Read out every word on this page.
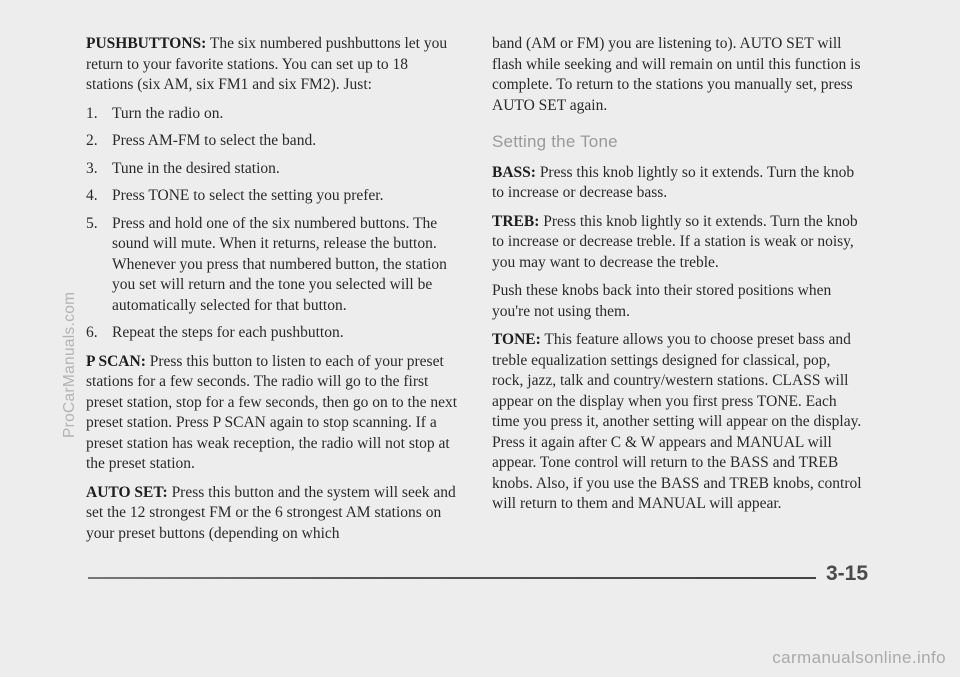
PUSHBUTTONS: The six numbered pushbuttons let you return to your favorite stations. You can set up to 18 stations (six AM, six FM1 and six FM2). Just:

1. Turn the radio on.
2. Press AM-FM to select the band.
3. Tune in the desired station.
4. Press TONE to select the setting you prefer.
5. Press and hold one of the six numbered buttons. The sound will mute. When it returns, release the button. Whenever you press that numbered button, the station you set will return and the tone you selected will be automatically selected for that button.
6. Repeat the steps for each pushbutton.

P SCAN: Press this button to listen to each of your preset stations for a few seconds. The radio will go to the first preset station, stop for a few seconds, then go on to the next preset station. Press P SCAN again to stop scanning. If a preset station has weak reception, the radio will not stop at the preset station.

AUTO SET: Press this button and the system will seek and set the 12 strongest FM or the 6 strongest AM stations on your preset buttons (depending on which

band (AM or FM) you are listening to). AUTO SET will flash while seeking and will remain on until this function is complete. To return to the stations you manually set, press AUTO SET again.

Setting the Tone

BASS: Press this knob lightly so it extends. Turn the knob to increase or decrease bass.

TREB: Press this knob lightly so it extends. Turn the knob to increase or decrease treble. If a station is weak or noisy, you may want to decrease the treble.

Push these knobs back into their stored positions when you're not using them.

TONE: This feature allows you to choose preset bass and treble equalization settings designed for classical, pop, rock, jazz, talk and country/western stations. CLASS will appear on the display when you first press TONE. Each time you press it, another setting will appear on the display. Press it again after C & W appears and MANUAL will appear. Tone control will return to the BASS and TREB knobs. Also, if you use the BASS and TREB knobs, control will return to them and MANUAL will appear.

3-15
ProCarManuals.com
carmanualsonline.info
